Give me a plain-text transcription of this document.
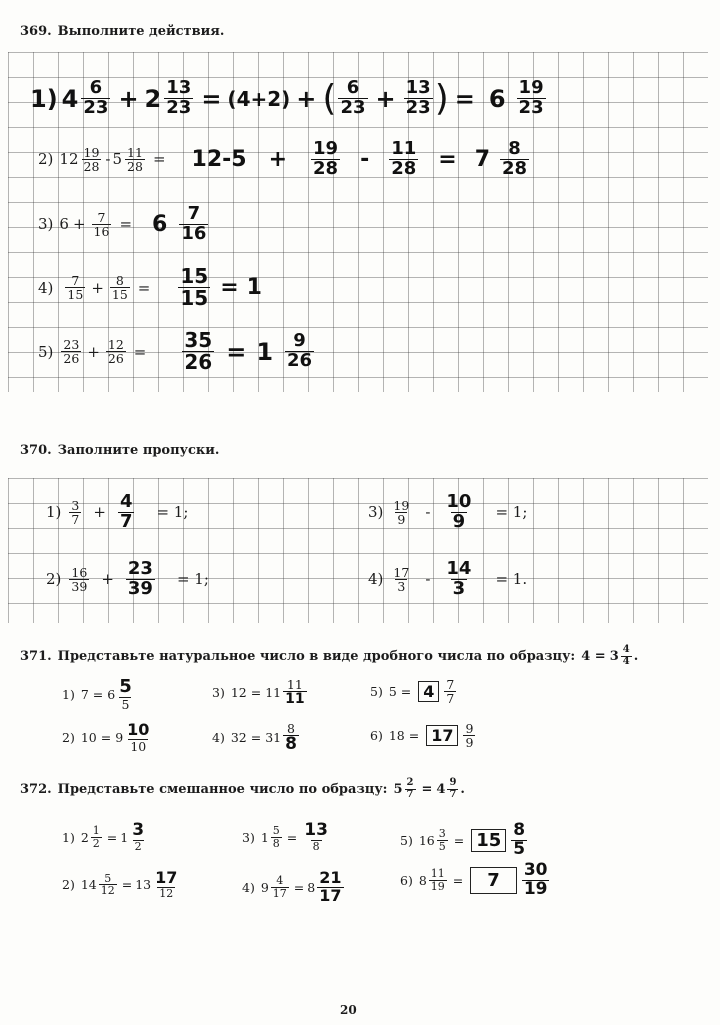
369. Выполните действия.
1) $4 \frac{6}{23} + 2 \frac{13}{23} = (4+2)$ + ( $\frac{6}{23} + \frac{13}{23}$ ) = $6 \frac{19}{23}$
2) $12 \frac{19}{28} - 5 \frac{11}{28} = 12-5 + \frac{19}{28} - \frac{11}{28} = 7 \frac{8}{28}$
3) $6 + \frac{7}{16} = 6 \frac{7}{16}$
$4) \frac{7}{15} + \frac{8}{15} = \frac{15}{15} = 1$
$5) \frac{23}{26} + \frac{12}{26} = \frac{35}{26} = 1 \frac{9}{26}$
370. Заполните пропуски.
$1) \frac{3}{7} + \frac{4}{7} = 1$;
$2) \frac{16}{39} + \frac{23}{39} = 1$;
$3) \frac{19}{9} - \frac{10}{9} = 1$;
$4) \frac{17}{3} - \frac{14}{3} = 1$.
371. Представьте натуральное число в виде дробного числа по образцу: $4 = 3 \frac{4}{4}$ .
1) $7 = 6 \frac{5}{5}$
2) $10 = 9 \frac{10}{10}$
3) $12 = 11 \frac{11}{11}$
4) $32 = 31 \frac{8}{8}$
5) $5 = 4 \frac{7}{7}$
6) $18 = 17 \frac{9}{9}$
372. Представьте смешанное число по образцу: $5 \frac{2}{7} = 4 \frac{9}{7}$ .
1) $2 \frac{1}{2} = 1 \frac{3}{2}$
2) $14 \frac{5}{12} = 13 \frac{17}{12}$
3) $1 \frac{5}{8} = \frac{13}{8}$
4) $9 \frac{4}{17} = 8 \frac{21}{17}$
5) $16 \frac{3}{5} = 15 \frac{8}{5}$
6) $8 \frac{11}{19}$ =	7	$\frac{30}{19}$
20
